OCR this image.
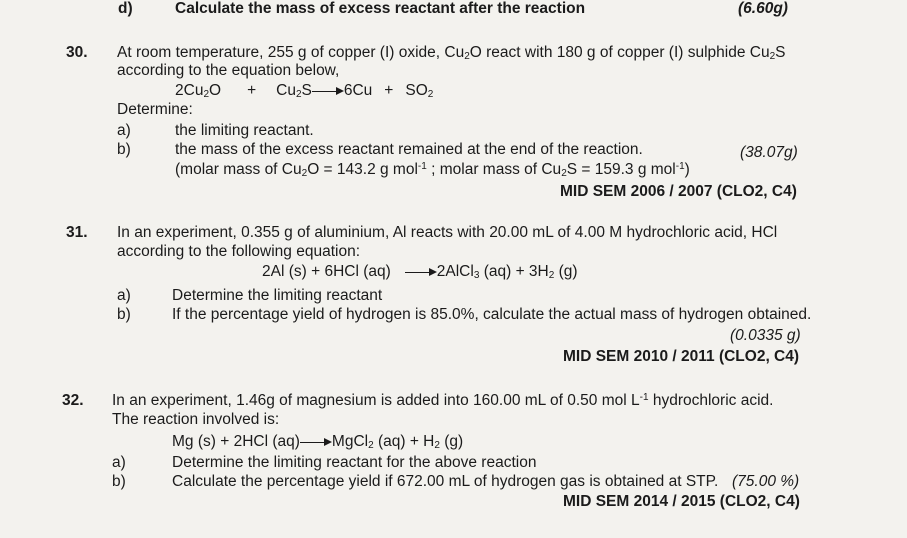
d)	Calculate the mass of excess reactant after the reaction	(6.60g)
30. At room temperature, 255 g of copper (I) oxide, $Cu_2O$ react with 180 g of copper (I) sulphide $Cu_2S$
according to the equation below,
$2Cu_2O + Cu_2S$ $6Cu + SO_2$
Determine:
a)	the limiting reactant.
b)	the mass of the excess reactant remained at the end of the reaction.	(38.07g)
(molar mass of $Cu_2O = 143.2$ g mol$^{-1}$ ; molar mass of $Cu_2S = 159.3$ g mol$^{-1}$)
MID SEM 2006 / 2007 (CLO2, C4)
31. In an experiment, 0.355 g of aluminium, Al reacts with 20.00 mL of 4.00 M hydrochloric acid, HCl
according to the following equation:
2Al (s) + 6HCl (aq)	2AlCl$_3$ $(aq) + 3H_2$ (g)
a)	Determine the limiting reactant
b)	If the percentage yield of hydrogen is 85.0%, calculate the actual mass of hydrogen obtained.
(0.0335 g)
MID SEM 2010 / 2011 (CLO2, C4)
32. In an experiment, 1.46g of magnesium is added into 160.00 mL of 0.50 mol $L^{-1}$ hydrochloric acid.
The reaction involved is:
Mg (s) + 2HCl (aq) MgCl$_2$ $(aq) + H_2$ (g)
a)	Determine the limiting reactant for the above reaction
b)	Calculate the percentage yield if 672.00 mL of hydrogen gas is obtained at STP. (75.00 %)
MID SEM 2014 / 2015 (CLO2, C4)
